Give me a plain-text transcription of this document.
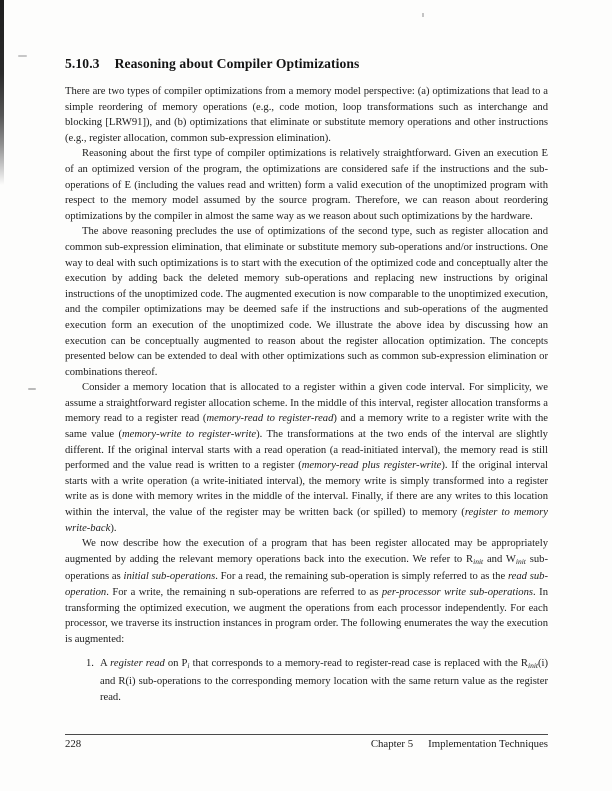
5.10.3 Reasoning about Compiler Optimizations

There are two types of compiler optimizations from a memory model perspective: (a) optimizations that lead to a simple reordering of memory operations (e.g., code motion, loop transformations such as interchange and blocking [LRW91]), and (b) optimizations that eliminate or substitute memory operations and other instructions (e.g., register allocation, common sub-expression elimination).

Reasoning about the first type of compiler optimizations is relatively straightforward. Given an execution E of an optimized version of the program, the optimizations are considered safe if the instructions and the sub-operations of E (including the values read and written) form a valid execution of the unoptimized program with respect to the memory model assumed by the source program. Therefore, we can reason about reordering optimizations by the compiler in almost the same way as we reason about such optimizations by the hardware.

The above reasoning precludes the use of optimizations of the second type, such as register allocation and common sub-expression elimination, that eliminate or substitute memory sub-operations and/or instructions. One way to deal with such optimizations is to start with the execution of the optimized code and conceptually alter the execution by adding back the deleted memory sub-operations and replacing new instructions by original instructions of the unoptimized code. The augmented execution is now comparable to the unoptimized execution, and the compiler optimizations may be deemed safe if the instructions and sub-operations of the augmented execution form an execution of the unoptimized code. We illustrate the above idea by discussing how an execution can be conceptually augmented to reason about the register allocation optimization. The concepts presented below can be extended to deal with other optimizations such as common sub-expression elimination or combinations thereof.

Consider a memory location that is allocated to a register within a given code interval. For simplicity, we assume a straightforward register allocation scheme. In the middle of this interval, register allocation transforms a memory read to a register read (memory-read to register-read) and a memory write to a register write with the same value (memory-write to register-write). The transformations at the two ends of the interval are slightly different. If the original interval starts with a read operation (a read-initiated interval), the memory read is still performed and the value read is written to a register (memory-read plus register-write). If the original interval starts with a write operation (a write-initiated interval), the memory write is simply transformed into a register write as is done with memory writes in the middle of the interval. Finally, if there are any writes to this location within the interval, the value of the register may be written back (or spilled) to memory (register to memory write-back).

We now describe how the execution of a program that has been register allocated may be appropriately augmented by adding the relevant memory operations back into the execution. We refer to Rinit and Winit sub-operations as initial sub-operations. For a read, the remaining sub-operation is simply referred to as the read sub-operation. For a write, the remaining n sub-operations are referred to as per-processor write sub-operations. In transforming the optimized execution, we augment the operations from each processor independently. For each processor, we traverse its instruction instances in program order. The following enumerates the way the execution is augmented:

1. A register read on Pi that corresponds to a memory-read to register-read case is replaced with the Rinit(i) and R(i) sub-operations to the corresponding memory location with the same return value as the register read.
228	Chapter 5 Implementation Techniques
